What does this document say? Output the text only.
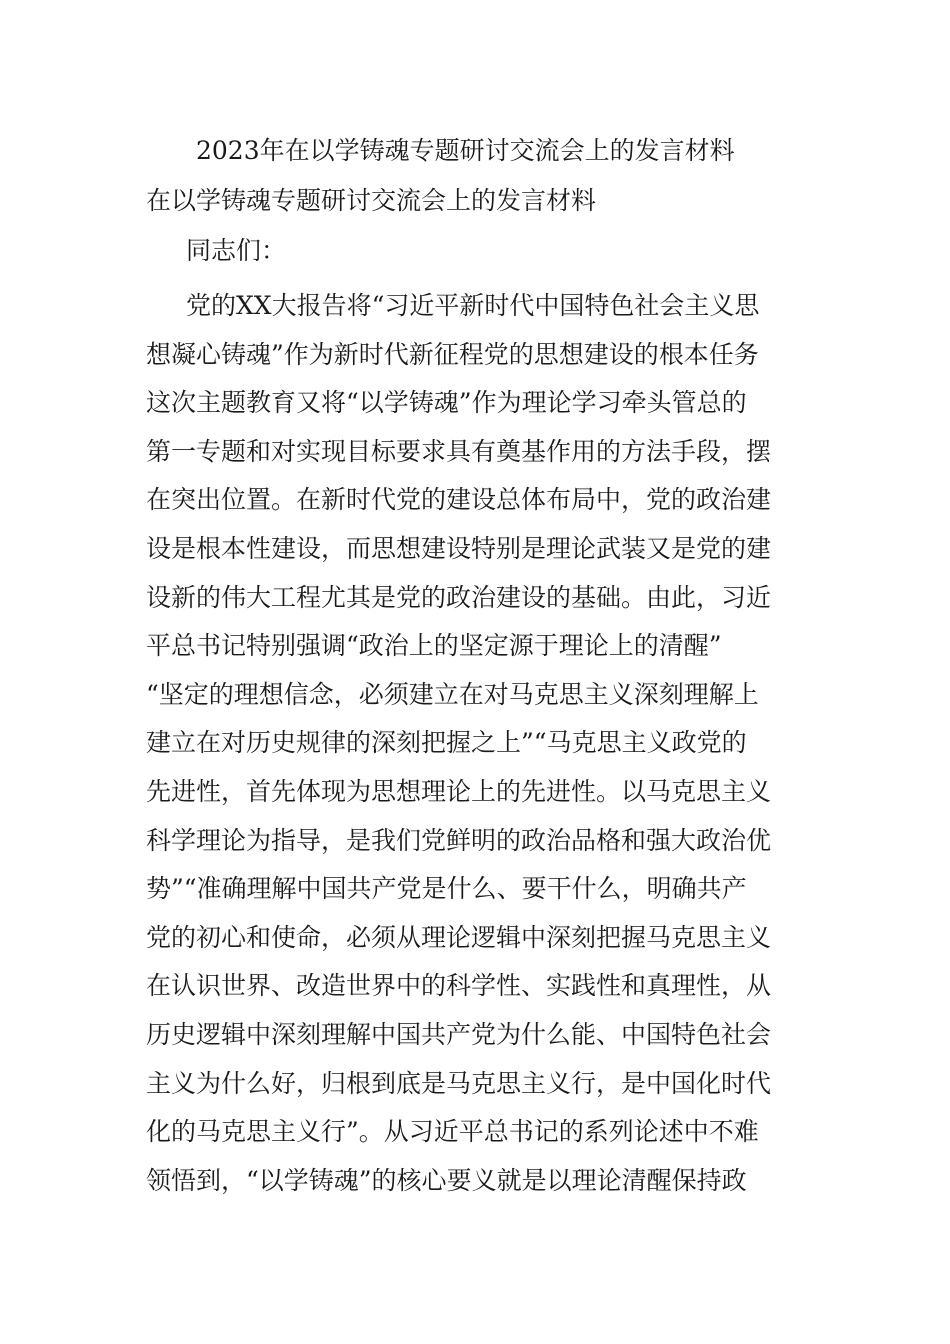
2023年在以学铸魂专题研讨交流会上的发言材料
在以学铸魂专题研讨交流会上的发言材料

同志们：

党的XX大报告将“习近平新时代中国特色社会主义思
想凝心铸魂”作为新时代新征程党的思想建设的根本任务
这次主题教育又将“以学铸魂”作为理论学习牵头管总的
第一专题和对实现目标要求具有奠基作用的方法手段，摆
在突出位置。在新时代党的建设总体布局中，党的政治建
设是根本性建设，而思想建设特别是理论武装又是党的建
设新的伟大工程尤其是党的政治建设的基础。由此，习近
平总书记特别强调“政治上的坚定源于理论上的清醒”
“坚定的理想信念，必须建立在对马克思主义深刻理解上
建立在对历史规律的深刻把握之上”“马克思主义政党的
先进性，首先体现为思想理论上的先进性。以马克思主义
科学理论为指导，是我们党鲜明的政治品格和强大政治优
势”“准确理解中国共产党是什么、要干什么，明确共产
党的初心和使命，必须从理论逻辑中深刻把握马克思主义
在认识世界、改造世界中的科学性、实践性和真理性，从
历史逻辑中深刻理解中国共产党为什么能、中国特色社会
主义为什么好，归根到底是马克思主义行，是中国化时代
化的马克思主义行”。从习近平总书记的系列论述中不难
领悟到，“以学铸魂”的核心要义就是以理论清醒保持政
